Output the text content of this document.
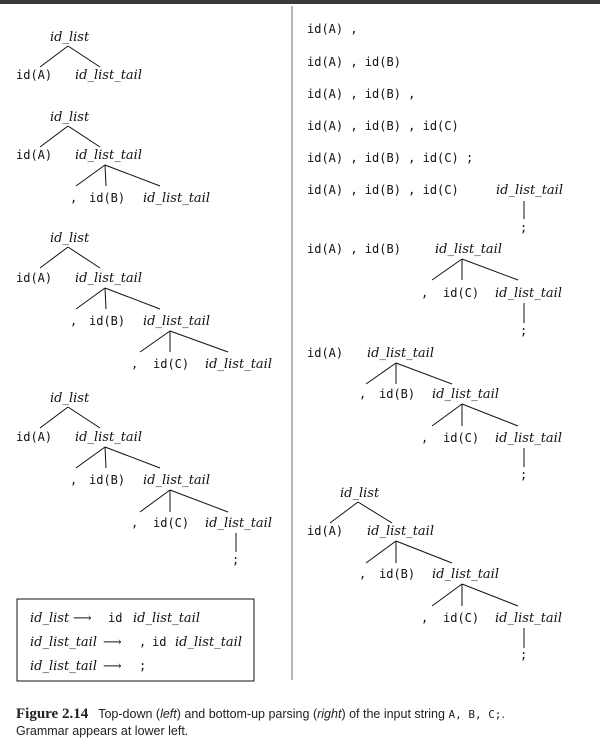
id_list
id(A) id_list_tail
id_list
id(A) id_list_tail
, id(B) id_list_tail
id_list
id(A) id_list_tail
, id(B) id_list_tail
, id(C) id_list_tail
id_list
id(A) id_list_tail
, id(B) id_list_tail
, id(C) id_list_tail
;
id_list ⟶ id id_list_tail
id_list_tail ⟶ , id id_list_tail
id_list_tail ⟶ ;
id(A) ,
id(A) , id(B)
id(A) , id(B) ,
id(A) , id(B) , id(C)
id(A) , id(B) , id(C) ;
id(A) , id(B) , id(C)	id_list_tail
;
id(A) , id(B)	id_list_tail
, id(C) id_list_tail
;
id(A) id_list_tail
, id(B) id_list_tail
, id(C) id_list_tail
;
id_list
id(A) id_list_tail
, id(B) id_list_tail
, id(C) id_list_tail
;
Figure 2.14 Top-down (left) and bottom-up parsing (right) of the input string A, B, C;.
Grammar appears at lower left.
